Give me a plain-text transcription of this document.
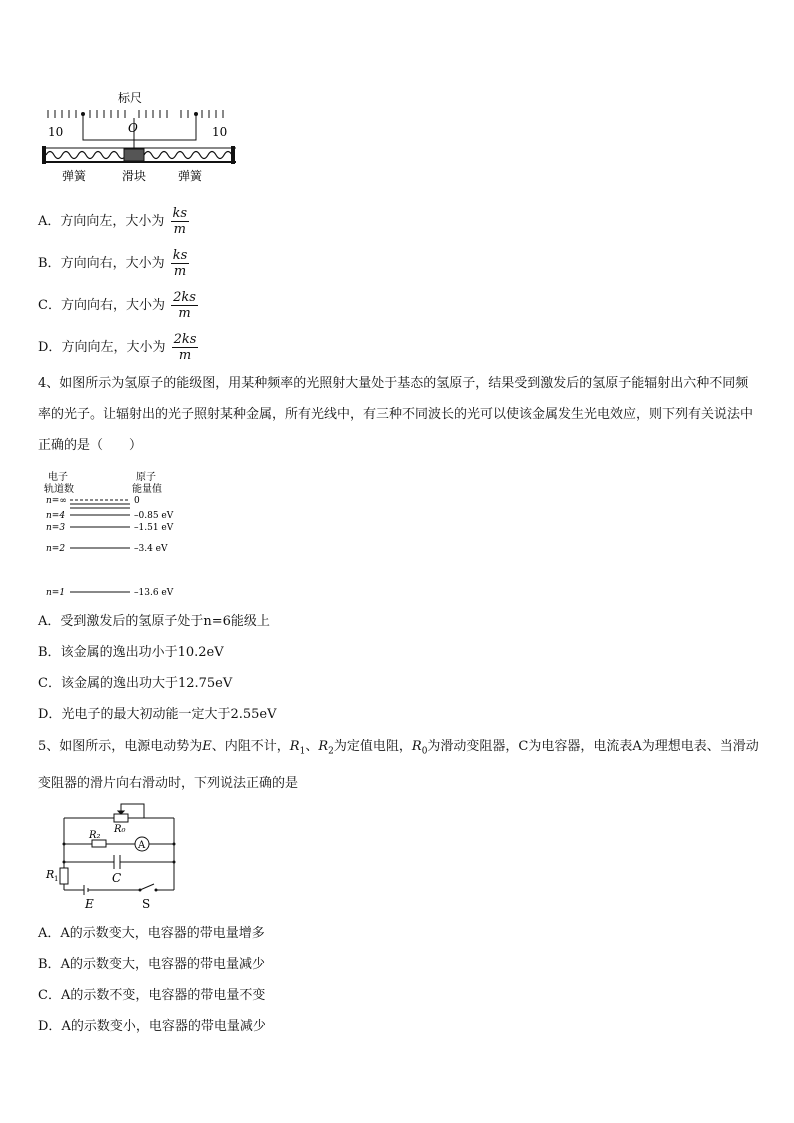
标尺
10	O	10
弹簧	滑块	弹簧
A．方向向左，大小为 $\frac{ks}{m}$
B．方向向右，大小为 $\frac{ks}{m}$
C．方向向右，大小为 $\frac{2ks}{m}$
D．方向向左，大小为 $\frac{2ks}{m}$
4、如图所示为氢原子的能级图，用某种频率的光照射大量处于基态的氢原子，结果受到激发后的氢原子能辐射出六种不同频率的光子。让辐射出的光子照射某种金属，所有光线中，有三种不同波长的光可以使该金属发生光电效应，则下列有关说法中正确的是（　　）
电子
轨道数
原子
能量值
n=∞	0
n=4	–0.85 eV
n=3	–1.51 eV
n=2	–3.4 eV
n=1	–13.6 eV
A．受到激发后的氢原子处于n=6能级上
B．该金属的逸出功小于10.2eV
C．该金属的逸出功大于12.75eV
D．光电子的最大初动能一定大于2.55eV
5、如图所示，电源电动势为E、内阻不计，$R_1$、$R_2$为定值电阻，$R_0$为滑动变阻器，C为电容器，电流表A为理想电表、当滑动变阻器的滑片向右滑动时，下列说法正确的是
R₀
R₂
A
C
R 1
E	S
A．A的示数变大，电容器的带电量增多
B．A的示数变大，电容器的带电量减少
C．A的示数不变，电容器的带电量不变
D．A的示数变小，电容器的带电量减少
